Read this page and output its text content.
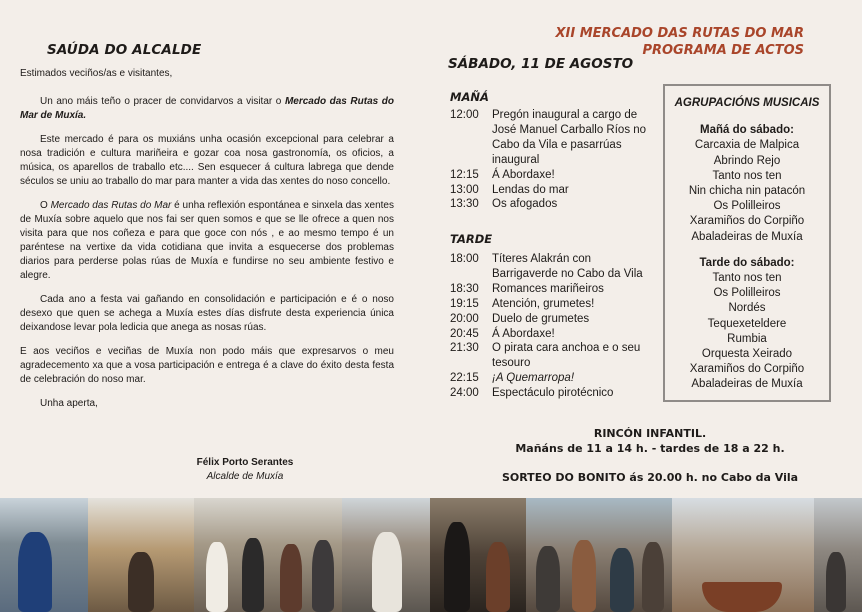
SAÚDA DO ALCALDE

Estimados veciños/as e visitantes,

Un ano máis teño o pracer de convidarvos a visitar o Mercado das Rutas do Mar de Muxía.

Este mercado é para os muxiáns unha ocasión excepcional para celebrar a nosa tradición e cultura mariñeira e gozar coa nosa gastronomía, os oficios, a música, os aparellos de traballo etc.... Sen esquecer á cultura labrega que dende séculos se uniu ao traballo do mar para manter a vida das xentes do noso concello.

O Mercado das Rutas do Mar é unha reflexión espontánea e sinxela das xentes de Muxía sobre aquelo que nos fai ser quen somos e que se lle ofrece a quen nos visita para que nos coñeza e para que goce con nós , e ao mesmo tempo é un paréntese na vertixe da vida cotidiana que invita a esquecerse dos problemas diarios para perderse polas rúas de Muxía e fundirse no seu ambiente festivo e alegre.

Cada ano a festa vai gañando en consolidación e participación e é o noso desexo que quen se achega a Muxía estes días disfrute desta experiencia única deixandose levar pola ledicia que anega as nosas rúas.

E aos veciños e veciñas de Muxía non podo máis que expresarvos o meu agradecemento xa que a vosa participación e entrega é a clave do éxito desta festa de celebración do noso mar.

Unha aperta,

Félix Porto Serantes
Alcalde de Muxía
XII MERCADO DAS RUTAS DO MAR
PROGRAMA DE ACTOS
SÁBADO, 11 DE AGOSTO
MAÑÁ
12:00	Pregón inaugural a cargo de José Manuel Carballo Ríos no Cabo da Vila e pasarrúas inaugural
12:15	Á Abordaxe!
13:00	Lendas do mar
13:30	Os afogados
TARDE
18:00	Títeres Alakrán con Barrigaverde no Cabo da Vila
18:30	Romances mariñeiros
19:15	Atención, grumetes!
20:00	Duelo de grumetes
20:45	Á Abordaxe!
21:30	O pirata cara anchoa e o seu tesouro
22:15	¡A Quemarropa!
24:00	Espectáculo pirotécnico
AGRUPACIÓNS MUSICAIS
Mañá do sábado:
Carcaxia de Malpica
Abrindo Rejo
Tanto nos ten
Nin chicha nin patacón
Os Polilleiros
Xaramiños do Corpiño
Abaladeiras de Muxía
Tarde do sábado:
Tanto nos ten
Os Polilleiros
Nordés
Tequexeteldere
Rumbia
Orquesta Xeirado
Xaramiños do Corpiño
Abaladeiras de Muxía
RINCÓN INFANTIL.
Mañáns de 11 a 14 h. - tardes de 18 a 22 h.
SORTEO DO BONITO ás 20.00 h. no Cabo da Vila
